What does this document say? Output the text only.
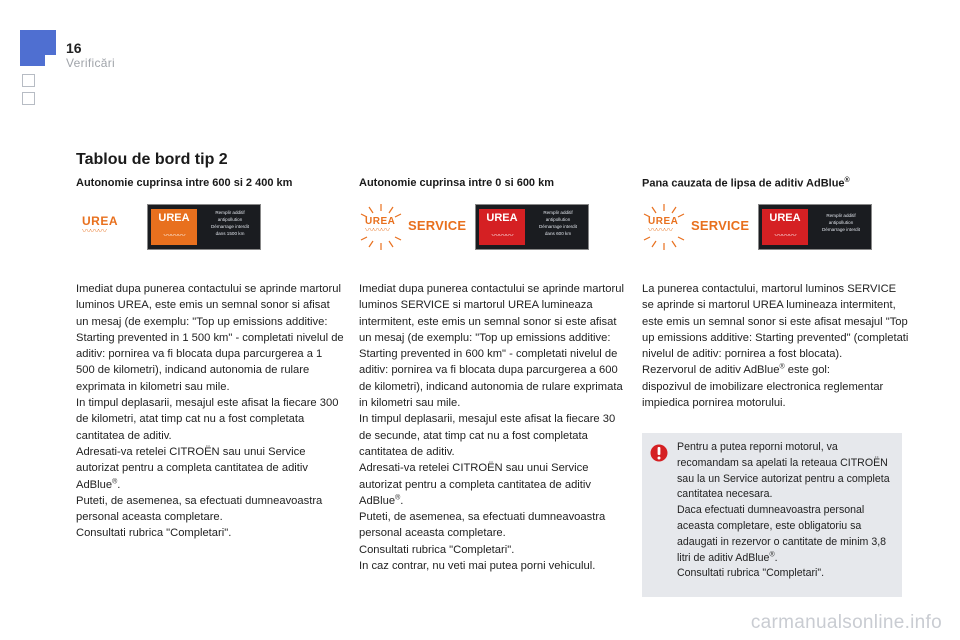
16
Verificări
Tablou de bord tip 2
Autonomie cuprinsa intre 600 si 2 400 km
UREA
〰〰〰
UREA
〰〰〰
Remplir additif
antipollution
Démarrage interdit
dans 1500 km

Imediat dupa punerea contactului se aprinde martorul luminos UREA, este emis un semnal sonor si afisat un mesaj (de exemplu: "Top up emissions additive: Starting prevented in 1 500 km" - completati nivelul de aditiv: pornirea va fi blocata dupa parcurgerea a 1 500 de kilometri), indicand autonomia de rulare exprimata in kilometri sau mile.

In timpul deplasarii, mesajul este afisat la fiecare 300 de kilometri, atat timp cat nu a fost completata cantitatea de aditiv.

Adresati-va retelei CITROËN sau unui Service autorizat pentru a completa cantitatea de aditiv AdBlue®.

Puteti, de asemenea, sa efectuati dumneavoastra personal aceasta completare.

Consultati rubrica "Completari".

Autonomie cuprinsa intre 0 si 600 km
UREA
〰〰〰	SERVICE	UREA
〰〰〰
Remplir additif
antipollution
Démarrage interdit
dans 600 km

Imediat dupa punerea contactului se aprinde martorul luminos SERVICE si martorul UREA lumineaza intermitent, este emis un semnal sonor si este afisat un mesaj (de exemplu: "Top up emissions additive: Starting prevented in 600 km" - completati nivelul de aditiv: pornirea va fi blocata dupa parcurgerea a 600 de kilometri), indicand autonomia de rulare exprimata in kilometri sau mile.

In timpul deplasarii, mesajul este afisat la fiecare 30 de secunde, atat timp cat nu a fost completata cantitatea de aditiv.

Adresati-va retelei CITROËN sau unui Service autorizat pentru a completa cantitatea de aditiv AdBlue®.

Puteti, de asemenea, sa efectuati dumneavoastra personal aceasta completare.

Consultati rubrica "Completari".

In caz contrar, nu veti mai putea porni vehiculul.

Pana cauzata de lipsa de aditiv AdBlue®
UREA
〰〰〰	SERVICE	UREA
〰〰〰
Remplir additif
antipollution
Démarrage interdit

La punerea contactului, martorul luminos SERVICE se aprinde si martorul UREA lumineaza intermitent, este emis un semnal sonor si este afisat mesajul "Top up emissions additive: Starting prevented" (completati nivelul de aditiv: pornirea a fost blocata).

Rezervorul de aditiv AdBlue® este gol:

dispozivul de imobilizare electronica reglementar impiedica pornirea motorului.

Pentru a putea reporni motorul, va recomandam sa apelati la reteaua CITROËN sau la un Service autorizat pentru a completa cantitatea necesara.

Daca efectuati dumneavoastra personal aceasta completare, este obligatoriu sa adaugati in rezervor o cantitate de minim 3,8 litri de aditiv AdBlue®.

Consultati rubrica "Completari".

carmanualsonline.info
